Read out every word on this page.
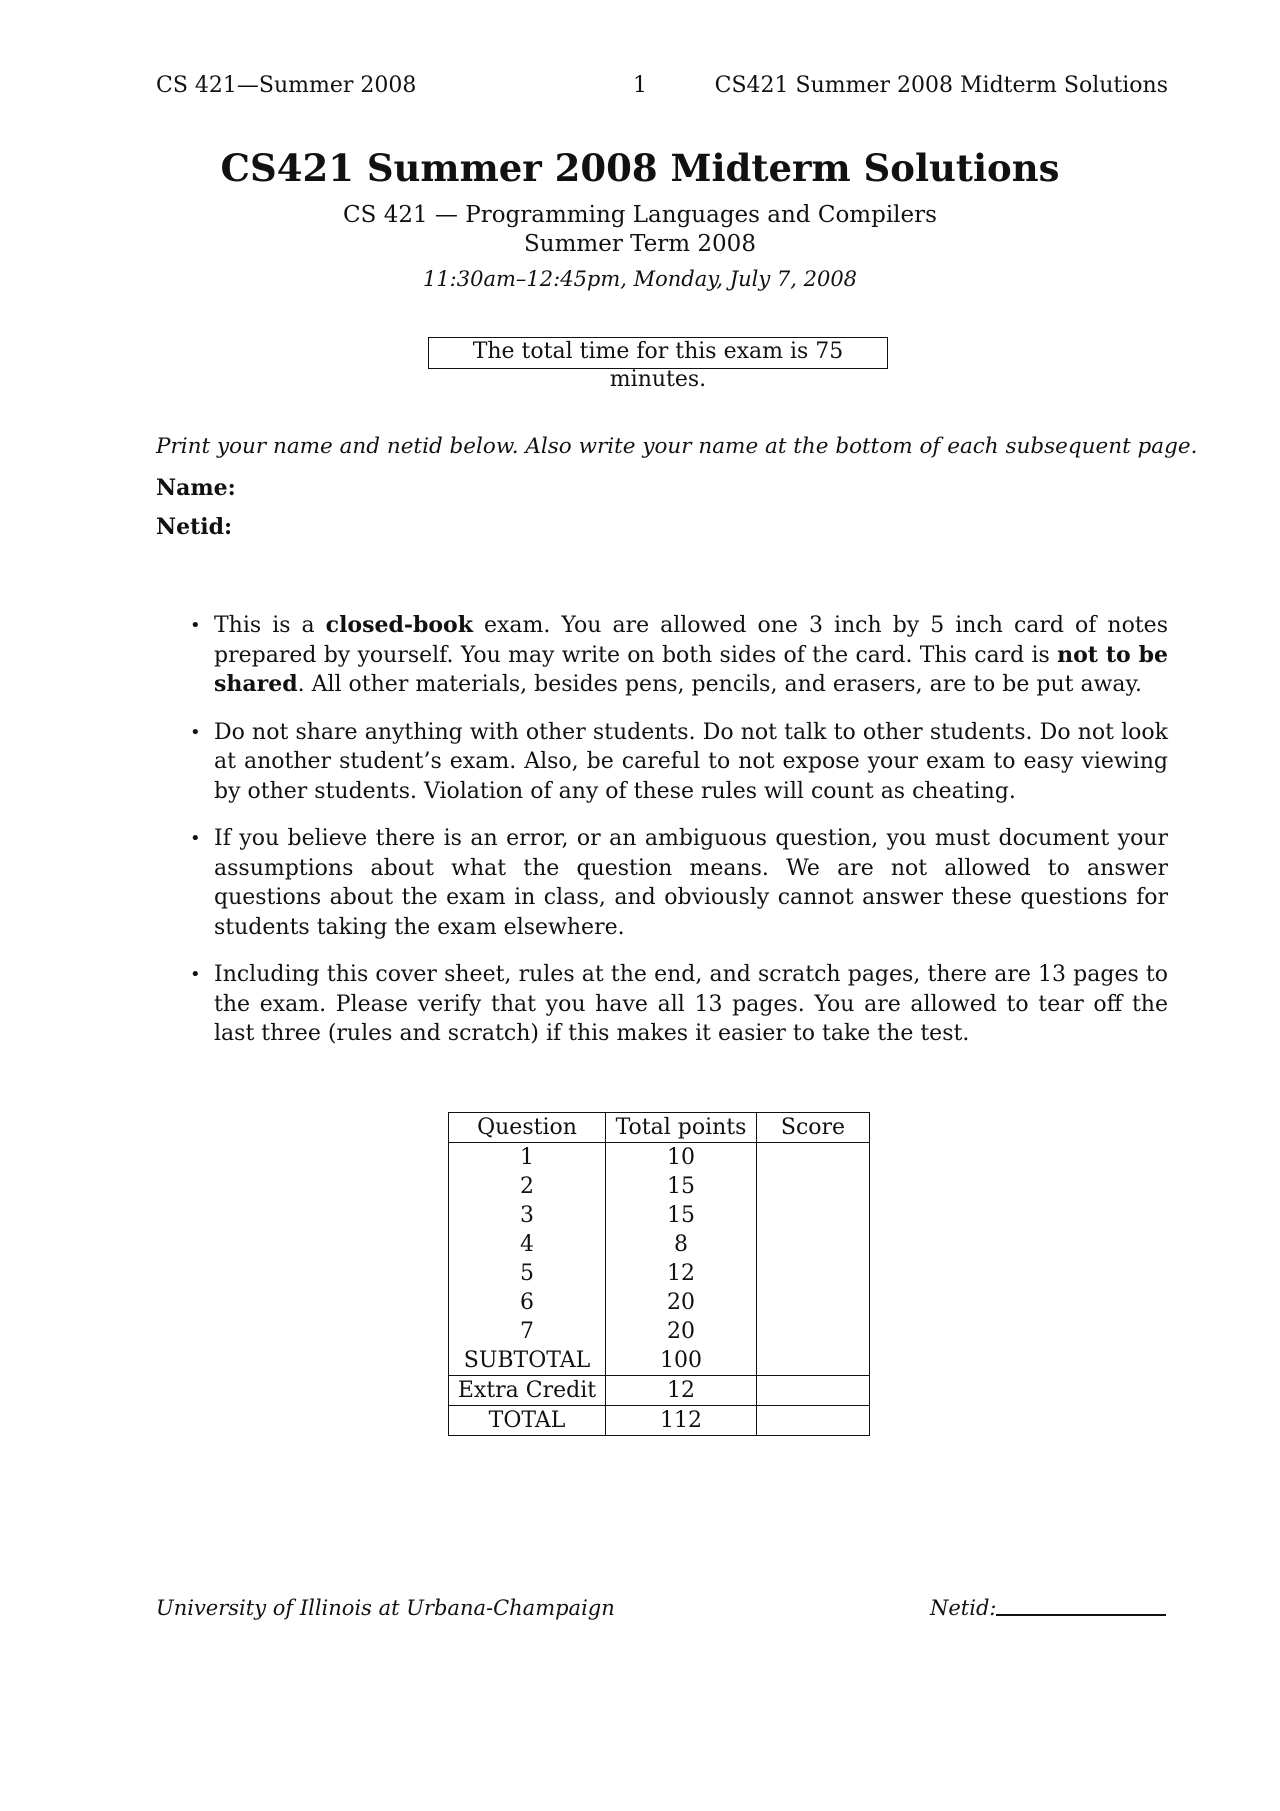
CS 421—Summer 2008	1	CS421 Summer 2008 Midterm Solutions
CS421 Summer 2008 Midterm Solutions
CS 421 — Programming Languages and Compilers
Summer Term 2008
11:30am–12:45pm, Monday, July 7, 2008
The total time for this exam is 75 minutes.
Print your name and netid below. Also write your name at the bottom of each subsequent page.
Name:
Netid:
• This is a closed-book exam. You are allowed one 3 inch by 5 inch card of notes prepared by yourself. You may write on both sides of the card. This card is not to be shared. All other materials, besides pens, pencils, and erasers, are to be put away.
• Do not share anything with other students. Do not talk to other students. Do not look at another student’s exam. Also, be careful to not expose your exam to easy viewing by other students. Violation of any of these rules will count as cheating.
• If you believe there is an error, or an ambiguous question, you must document your assumptions about what the question means. We are not allowed to answer questions about the exam in class, and obviously cannot answer these questions for students taking the exam elsewhere.
• Including this cover sheet, rules at the end, and scratch pages, there are 13 pages to the exam. Please verify that you have all 13 pages. You are allowed to tear off the last three (rules and scratch) if this makes it easier to take the test.
Question	Total points	Score
1	10	
2	15	
3	15	
4	8	
5	12	
6	20	
7	20	
SUBTOTAL	100	
Extra Credit	12	
TOTAL	112	
University of Illinois at Urbana-Champaign	Netid:
